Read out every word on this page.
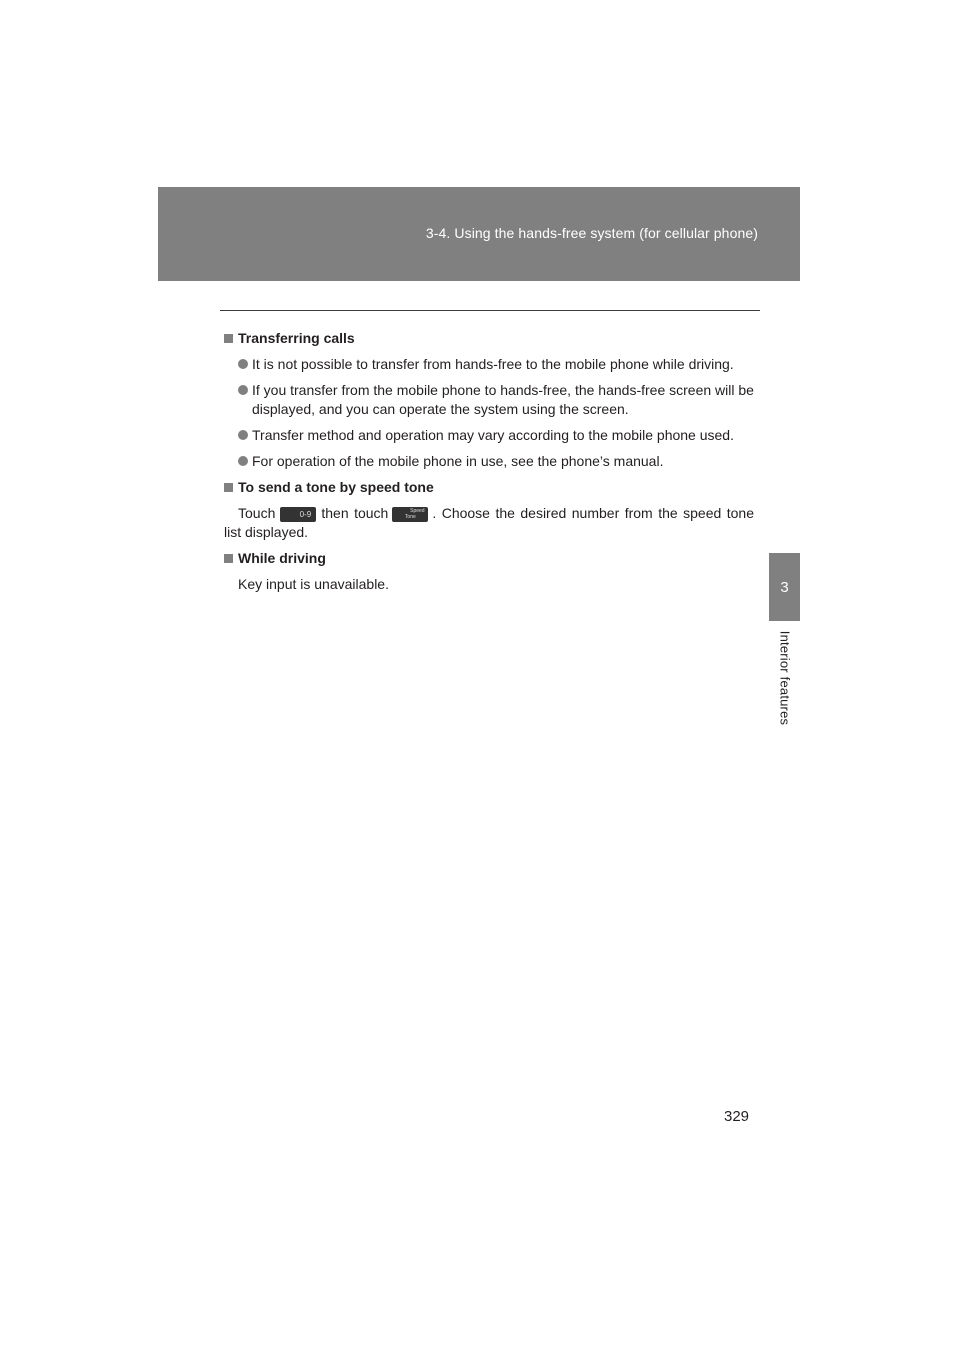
3-4. Using the hands-free system (for cellular phone)
3
Interior features
Transferring calls
It is not possible to transfer from hands-free to the mobile phone while driving.
If you transfer from the mobile phone to hands-free, the hands-free screen will be displayed, and you can operate the system using the screen.
Transfer method and operation may vary according to the mobile phone used.
For operation of the mobile phone in use, see the phone’s manual.
To send a tone by speed tone
Touch	0-9 then touch	Speed
Tone . Choose the desired number from the speed tone list displayed.
While driving
Key input is unavailable.
329
